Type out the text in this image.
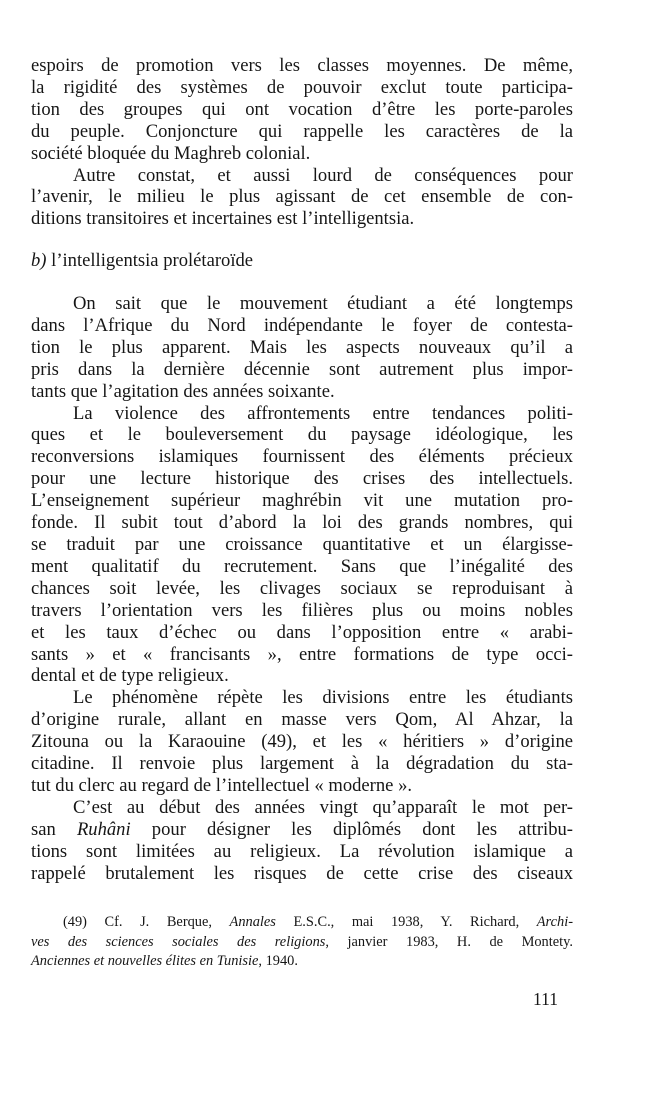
espoirs de promotion vers les classes moyennes. De même,

la rigidité des systèmes de pouvoir exclut toute participa-

tion des groupes qui ont vocation d’être les porte-paroles

du peuple. Conjoncture qui rappelle les caractères de la

société bloquée du Maghreb colonial.

Autre constat, et aussi lourd de conséquences pour

l’avenir, le milieu le plus agissant de cet ensemble de con-

ditions transitoires et incertaines est l’intelligentsia.

b) l’intelligentsia prolétaroïde

On sait que le mouvement étudiant a été longtemps

dans l’Afrique du Nord indépendante le foyer de contesta-

tion le plus apparent. Mais les aspects nouveaux qu’il a

pris dans la dernière décennie sont autrement plus impor-

tants que l’agitation des années soixante.

La violence des affrontements entre tendances politi-

ques et le bouleversement du paysage idéologique, les

reconversions islamiques fournissent des éléments précieux

pour une lecture historique des crises des intellectuels.

L’enseignement supérieur maghrébin vit une mutation pro-

fonde. Il subit tout d’abord la loi des grands nombres, qui

se traduit par une croissance quantitative et un élargisse-

ment qualitatif du recrutement. Sans que l’inégalité des

chances soit levée, les clivages sociaux se reproduisant à

travers l’orientation vers les filières plus ou moins nobles

et les taux d’échec ou dans l’opposition entre « arabi-

sants » et « francisants », entre formations de type occi-

dental et de type religieux.

Le phénomène répète les divisions entre les étudiants

d’origine rurale, allant en masse vers Qom, Al Ahzar, la

Zitouna ou la Karaouine (49), et les « héritiers » d’origine

citadine. Il renvoie plus largement à la dégradation du sta-

tut du clerc au regard de l’intellectuel « moderne ».

C’est au début des années vingt qu’apparaît le mot per-

san Ruhâni pour désigner les diplômés dont les attribu-

tions sont limitées au religieux. La révolution islamique a

rappelé brutalement les risques de cette crise des ciseaux

(49) Cf. J. Berque, Annales E.S.C., mai 1938, Y. Richard, Archi-

ves des sciences sociales des religions, janvier 1983, H. de Montety.

Anciennes et nouvelles élites en Tunisie, 1940.

111
